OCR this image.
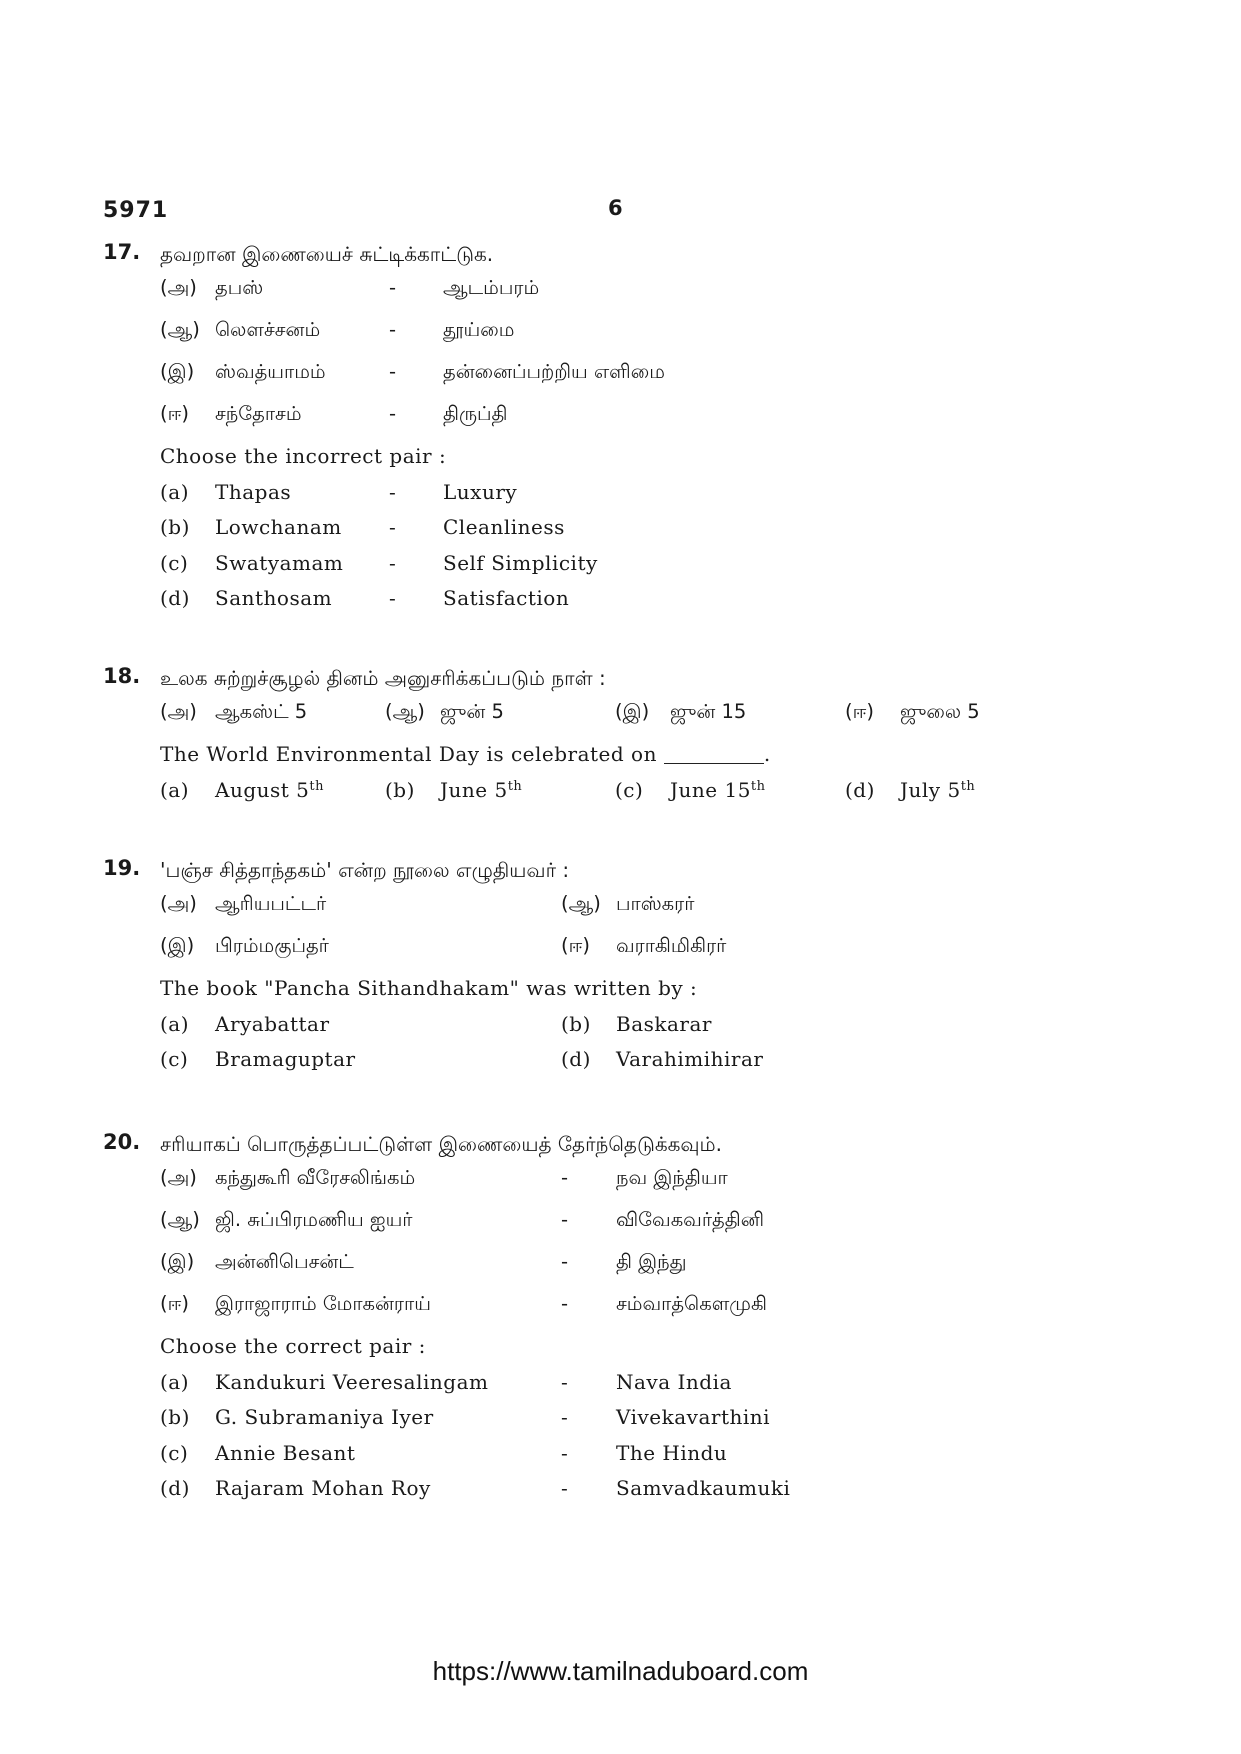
5971	6
17. தவறான இணையைச் சுட்டிக்காட்டுக.
(அ) தபஸ்	- ஆடம்பரம்
(ஆ) லௌச்சனம்	- தூய்மை
(இ) ஸ்வத்யாமம்	- தன்னைப்பற்றிய எளிமை
(ஈ) சந்தோசம்	- திருப்தி
Choose the incorrect pair :
(a) Thapas	- Luxury
(b) Lowchanam - Cleanliness
(c) Swatyamam - Self Simplicity
(d) Santhosam	- Satisfaction
18. உலக சுற்றுச்சூழல் தினம் அனுசரிக்கப்படும் நாள் :
(அ) ஆகஸ்ட் 5	(ஆ) ஜுன் 5	(இ) ஜுன் 15	(ஈ) ஜுலை 5
The World Environmental Day is celebrated on	.
(a) August 5th	(b) June 5th	(c) June 15th	(d) July 5th
19. 'பஞ்ச சித்தாந்தகம்' என்ற நூலை எழுதியவர் :
(அ) ஆரியபட்டர்	(ஆ) பாஸ்கரர்
(இ) பிரம்மகுப்தர்	(ஈ) வராகிமிகிரர்
The book "Pancha Sithandhakam" was written by :
(a) Aryabattar	(b) Baskarar
(c) Bramaguptar	(d) Varahimihirar
20. சரியாகப் பொருத்தப்பட்டுள்ள இணையைத் தேர்ந்தெடுக்கவும்.
(அ) கந்துகூரி வீரேசலிங்கம்	- நவ இந்தியா
(ஆ) ஜி. சுப்பிரமணிய ஐயர்	- விவேகவர்த்தினி
(இ) அன்னிபெசன்ட்	- தி இந்து
(ஈ) இராஜாராம் மோகன்ராய்	- சம்வாத்கௌமுகி
Choose the correct pair :
(a) Kandukuri Veeresalingam	- Nava India
(b) G. Subramaniya Iyer	- Vivekavarthini
(c) Annie Besant	- The Hindu
(d) Rajaram Mohan Roy	- Samvadkaumuki
https://www.tamilnaduboard.com
